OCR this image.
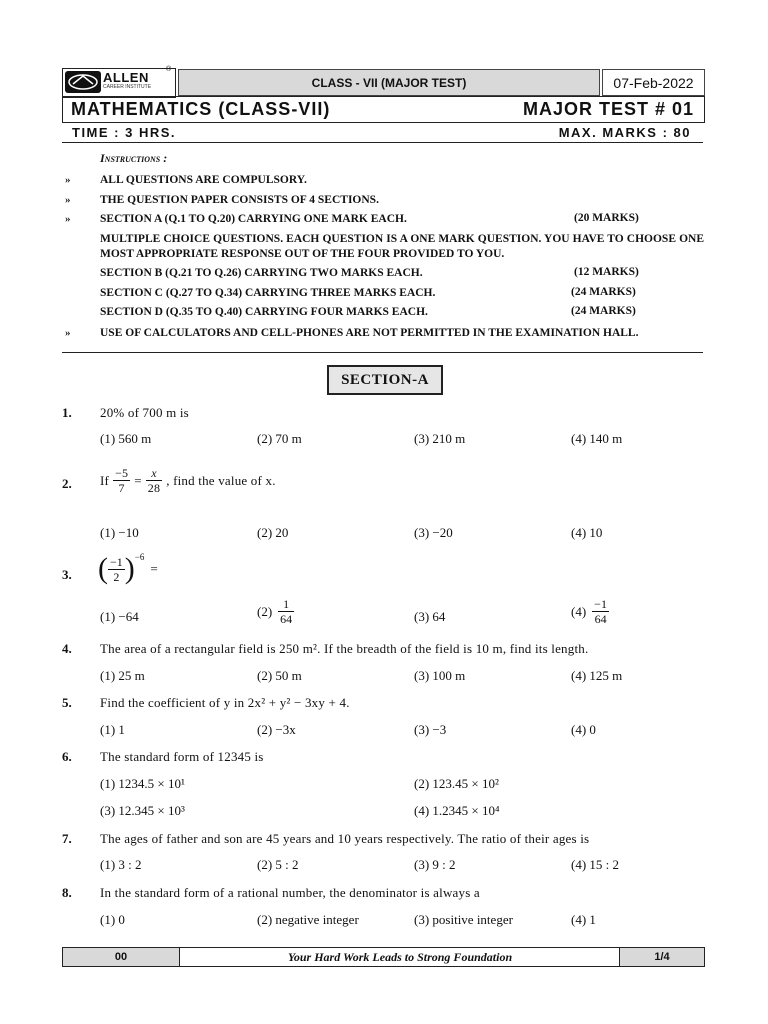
ALLEN
CAREER INSTITUTE
®
CLASS - VII (MAJOR TEST)	07-Feb-2022
MATHEMATICS (CLASS-VII)	MAJOR TEST # 01
TIME : 3 HRS.	MAX. MARKS : 80
Instructions :
»	ALL QUESTIONS ARE COMPULSORY.
»	THE QUESTION PAPER CONSISTS OF 4 SECTIONS.
»	SECTION A (Q.1 TO Q.20) CARRYING ONE MARK EACH.	(20 MARKS)
MULTIPLE CHOICE QUESTIONS. EACH QUESTION IS A ONE MARK QUESTION. YOU HAVE TO CHOOSE ONE MOST APPROPRIATE RESPONSE OUT OF THE FOUR PROVIDED TO YOU.
SECTION B (Q.21 TO Q.26) CARRYING TWO MARKS EACH.	(12 MARKS)
SECTION C (Q.27 TO Q.34) CARRYING THREE MARKS EACH.	(24 MARKS)
SECTION D (Q.35 TO Q.40) CARRYING FOUR MARKS EACH.	(24 MARKS)
»	USE OF CALCULATORS AND CELL-PHONES ARE NOT PERMITTED IN THE EXAMINATION HALL.
SECTION-A
1. 20% of 700 m is
(1) 560 m	(2) 70 m	(3) 210 m	(4) 140 m
2. If $\frac{-5}{7} = \frac{x}{28}$ , find the value of x.
(1) −10	(2) 20	(3) −20	(4) 10
3. ( $\frac{-1}{2}$ ) −6
=
(1) −64	$(2) \frac{1}{64}$	(3) 64	$(4) \frac{-1}{64}$
4. The area of a rectangular field is 250 m². If the breadth of the field is 10 m, find its length.
(1) 25 m	(2) 50 m	(3) 100 m	(4) 125 m
5. Find the coefficient of y in 2x² + y² − 3xy + 4.
(1) 1	(2) −3x	(3) −3	(4) 0
6. The standard form of 12345 is
(1) 1234.5 × 10¹	(2) 123.45 × 10²
(3) 12.345 × 10³	(4) 1.2345 × 10⁴
7. The ages of father and son are 45 years and 10 years respectively. The ratio of their ages is
(1) 3 : 2	(2) 5 : 2	(3) 9 : 2	(4) 15 : 2
8. In the standard form of a rational number, the denominator is always a
(1) 0	(2) negative integer	(3) positive integer	(4) 1
00	Your Hard Work Leads to Strong Foundation	1/4
